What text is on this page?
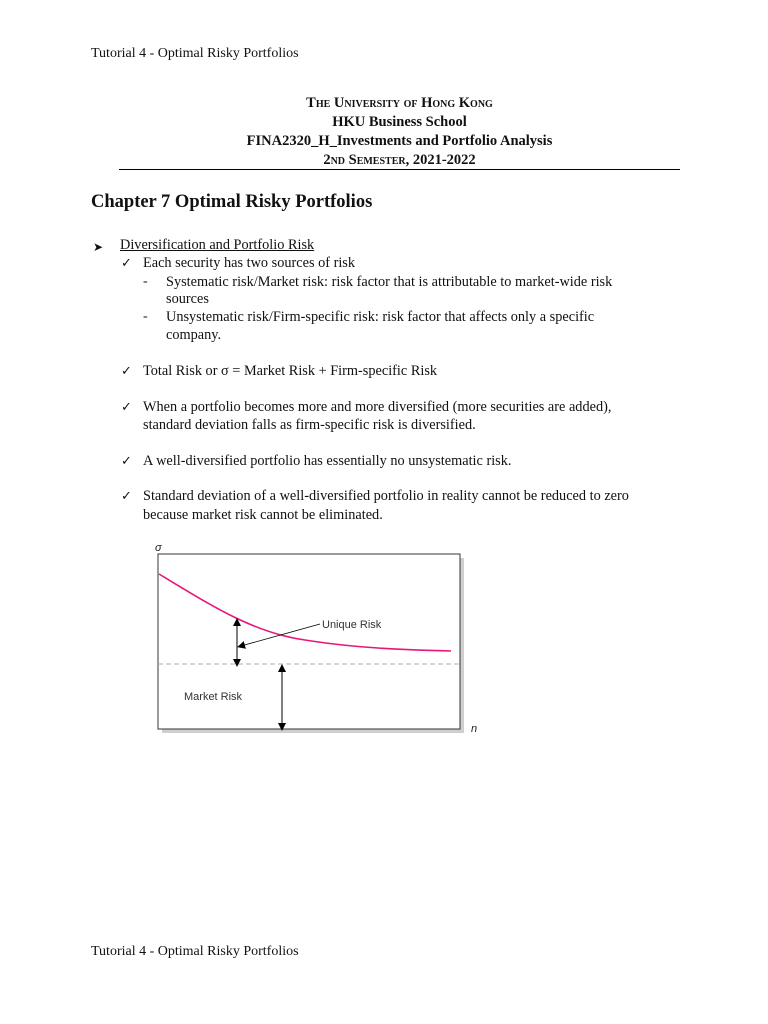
Tutorial 4 - Optimal Risky Portfolios
The University of Hong Kong
HKU Business School
FINA2320_H_Investments and Portfolio Analysis
2nd Semester, 2021-2022
Chapter 7 Optimal Risky Portfolios
➤ Diversification and Portfolio Risk
✓ Each security has two sources of risk
- Systematic risk/Market risk: risk factor that is attributable to market-wide risk
sources
- Unsystematic risk/Firm-specific risk: risk factor that affects only a specific
company.
✓ Total Risk or σ = Market Risk + Firm-specific Risk
✓ When a portfolio becomes more and more diversified (more securities are added),
standard deviation falls as firm-specific risk is diversified.
✓ A well-diversified portfolio has essentially no unsystematic risk.
✓ Standard deviation of a well-diversified portfolio in reality cannot be reduced to zero
because market risk cannot be eliminated.
σ
n
Unique Risk
Market Risk
Tutorial 4 - Optimal Risky Portfolios
